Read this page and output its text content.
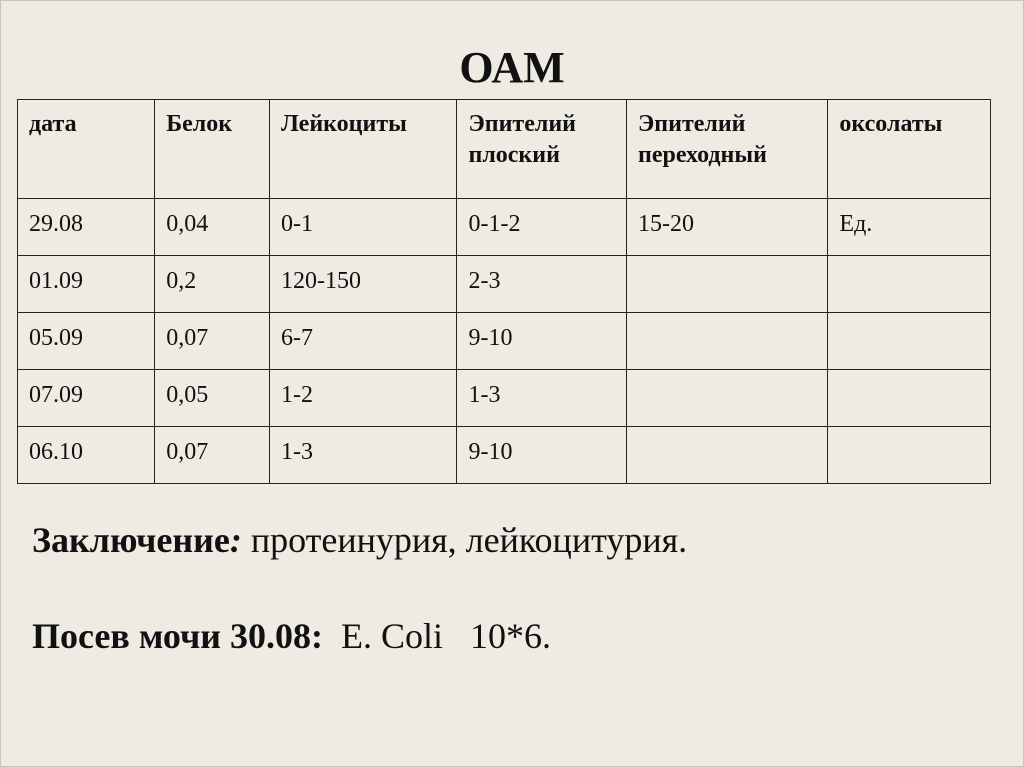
ОАМ
дата	Белок	Лейкоциты	Эпителий плоский	Эпителий переходный	оксолаты
29.08	0,04	0-1	0-1-2	15-20	Ед.
01.09	0,2	120-150	2-3		
05.09	0,07	6-7	9-10		
07.09	0,05	1-2	1-3		
06.10	0,07	1-3	9-10		
Заключение: протеинурия, лейкоцитурия.
Посев мочи 30.08:  E. Coli   10*6.
